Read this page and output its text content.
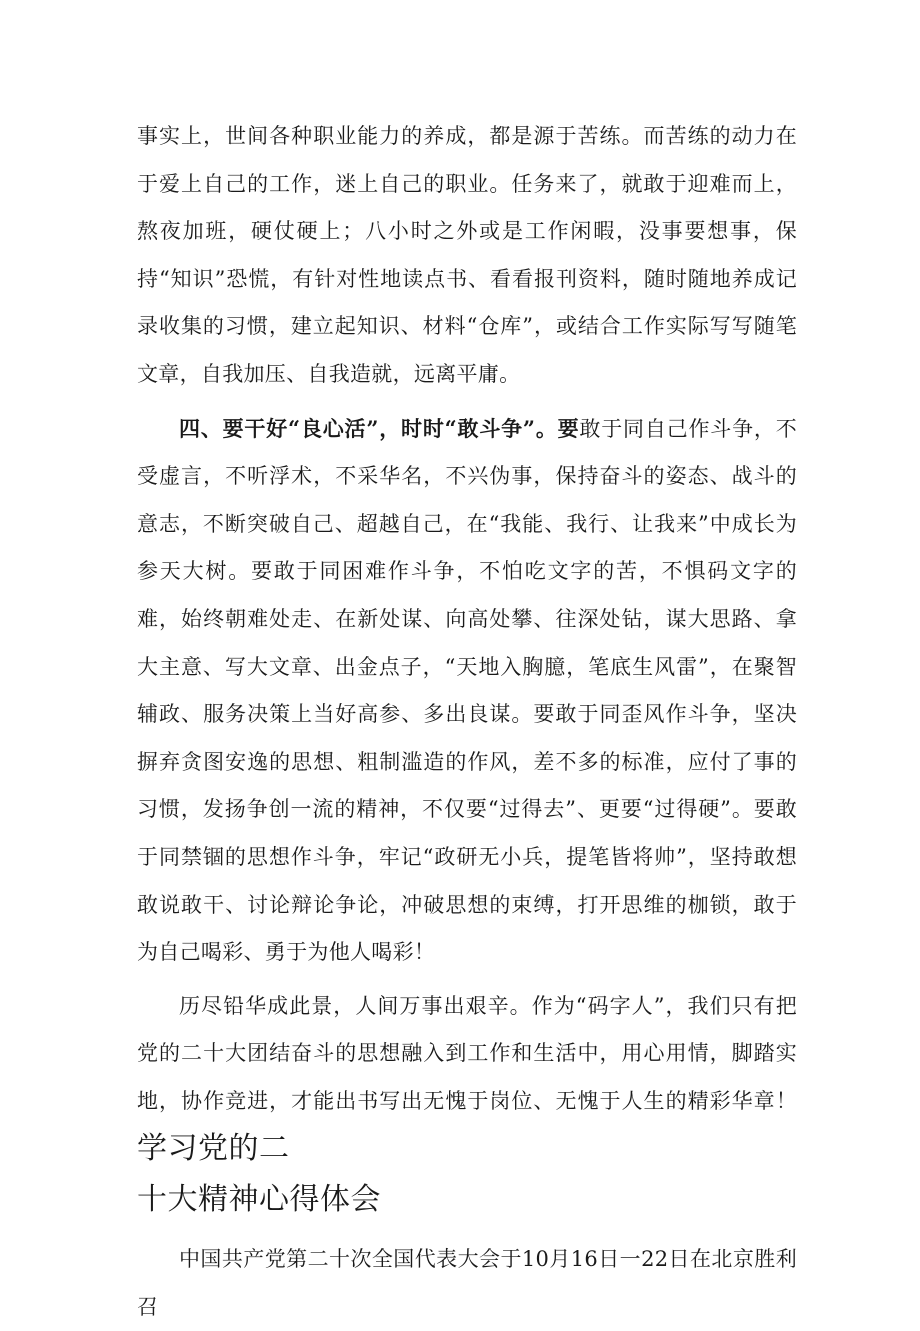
事实上，世间各种职业能力的养成，都是源于苦练。而苦练的动力在于爱上自己的工作，迷上自己的职业。任务来了，就敢于迎难而上，熬夜加班，硬仗硬上；八小时之外或是工作闲暇，没事要想事，保持“知识”恐慌，有针对性地读点书、看看报刊资料，随时随地养成记录收集的习惯，建立起知识、材料“仓库”，或结合工作实际写写随笔文章，自我加压、自我造就，远离平庸。

四、要干好“良心活”，时时“敢斗争”。要敢于同自己作斗争，不受虚言，不听浮术，不采华名，不兴伪事，保持奋斗的姿态、战斗的意志，不断突破自己、超越自己，在“我能、我行、让我来”中成长为参天大树。要敢于同困难作斗争，不怕吃文字的苦，不惧码文字的难，始终朝难处走、在新处谋、向高处攀、往深处钻，谋大思路、拿大主意、写大文章、出金点子，“天地入胸臆，笔底生风雷”，在聚智辅政、服务决策上当好高参、多出良谋。要敢于同歪风作斗争，坚决摒弃贪图安逸的思想、粗制滥造的作风，差不多的标准，应付了事的习惯，发扬争创一流的精神，不仅要“过得去”、更要“过得硬”。要敢于同禁锢的思想作斗争，牢记“政研无小兵，提笔皆将帅”，坚持敢想敢说敢干、讨论辩论争论，冲破思想的束缚，打开思维的枷锁，敢于为自己喝彩、勇于为他人喝彩！

历尽铅华成此景，人间万事出艰辛。作为“码字人”，我们只有把党的二十大团结奋斗的思想融入到工作和生活中，用心用情，脚踏实地，协作竞进，才能出书写出无愧于岗位、无愧于人生的精彩华章！学习党的二

十大精神心得体会

中国共产党第二十次全国代表大会于10月16日一22日在北京胜利召
